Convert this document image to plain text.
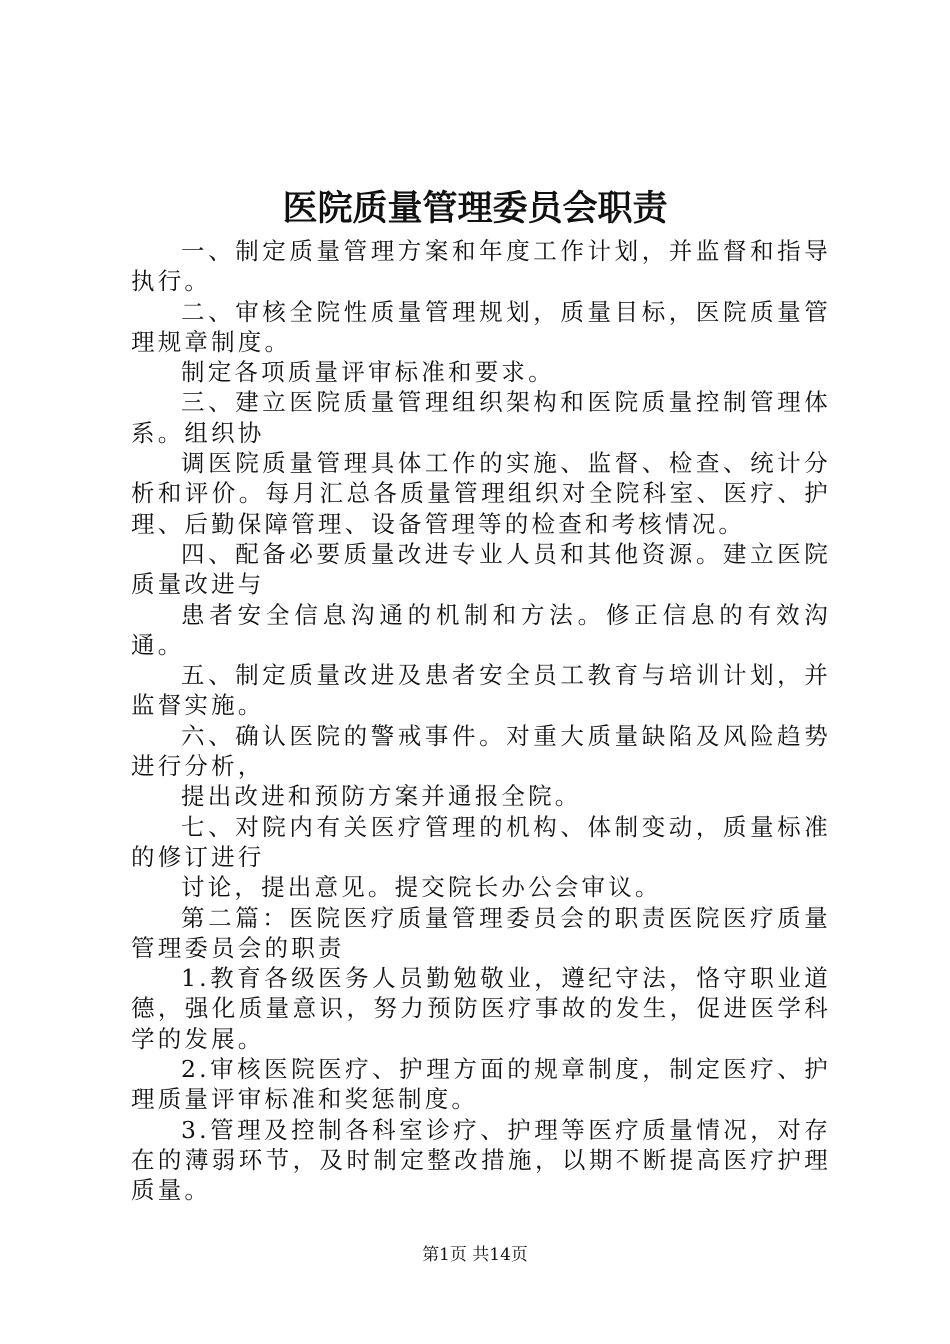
医院质量管理委员会职责

一、制定质量管理方案和年度工作计划，并监督和指导执行。

二、审核全院性质量管理规划，质量目标，医院质量管理规章制度。

制定各项质量评审标准和要求。

三、建立医院质量管理组织架构和医院质量控制管理体系。组织协

调医院质量管理具体工作的实施、监督、检查、统计分析和评价。每月汇总各质量管理组织对全院科室、医疗、护理、后勤保障管理、设备管理等的检查和考核情况。

四、配备必要质量改进专业人员和其他资源。建立医院质量改进与

患者安全信息沟通的机制和方法。修正信息的有效沟通。

五、制定质量改进及患者安全员工教育与培训计划，并监督实施。

六、确认医院的警戒事件。对重大质量缺陷及风险趋势进行分析，

提出改进和预防方案并通报全院。

七、对院内有关医疗管理的机构、体制变动，质量标准的修订进行

讨论，提出意见。提交院长办公会审议。

第二篇：医院医疗质量管理委员会的职责医院医疗质量管理委员会的职责

1.教育各级医务人员勤勉敬业，遵纪守法，恪守职业道德，强化质量意识，努力预防医疗事故的发生，促进医学科学的发展。

2.审核医院医疗、护理方面的规章制度，制定医疗、护理质量评审标准和奖惩制度。

3.管理及控制各科室诊疗、护理等医疗质量情况，对存在的薄弱环节，及时制定整改措施，以期不断提高医疗护理质量。

第1页 共14页
